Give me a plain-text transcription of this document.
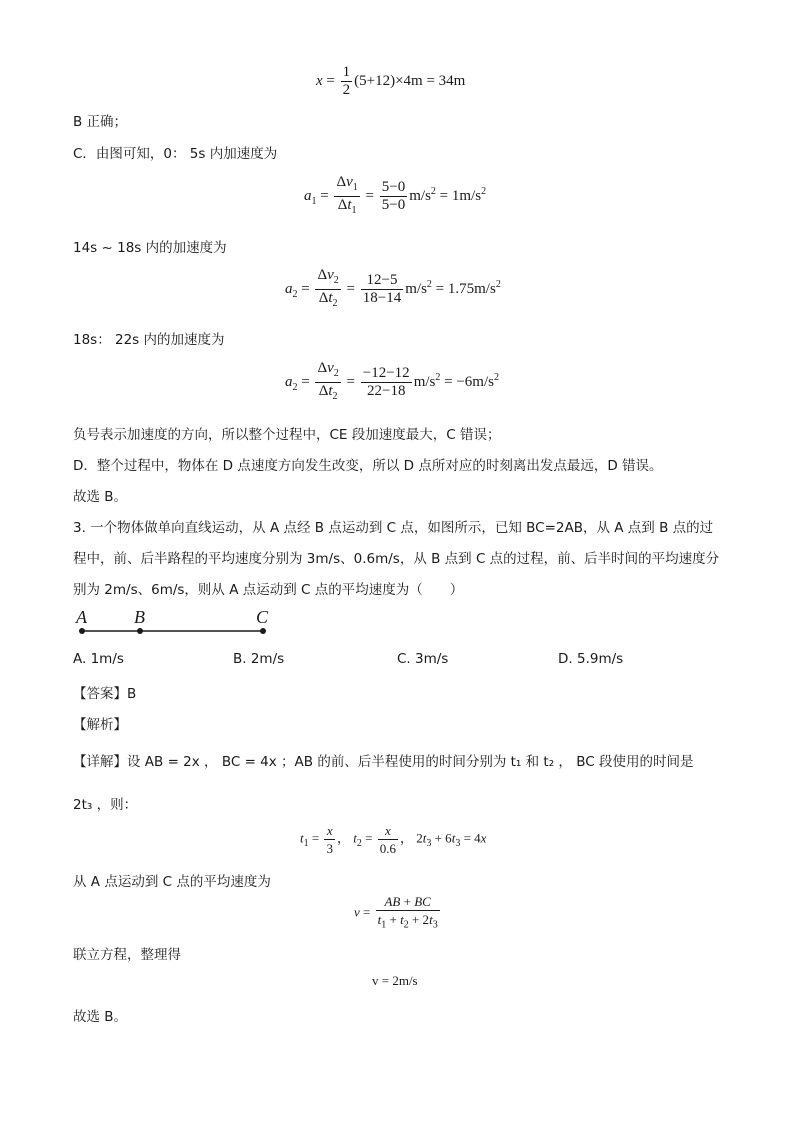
$x = \frac{1}{2} (5+12)\times 4m = 34m$
B 正确；
C．由图可知，0： 5s 内加速度为
$a_1 = \frac{\Delta v_1}{\Delta t_1} = \frac{5-0}{5-0} m/s^2 = 1m/s^2$
14s ~ 18s 内的加速度为
$a_2 = \frac{\Delta v_2}{\Delta t_2} = \frac{12-5}{18-14} m/s^2 = 1.75m/s^2$
18s： 22s 内的加速度为
$a_2 = \frac{\Delta v_2}{\Delta t_2} = \frac{-12-12}{22-18} m/s^2 = -6m/s^2$
负号表示加速度的方向，所以整个过程中，CE 段加速度最大，C 错误；
D．整个过程中，物体在 D 点速度方向发生改变，所以 D 点所对应的时刻离出发点最远，D 错误。
故选 B。
3. 一个物体做单向直线运动，从 A 点经 B 点运动到 C 点，如图所示，已知 BC=2AB，从 A 点到 B 点的过
程中，前、后半路程的平均速度分别为 3m/s、0.6m/s，从 B 点到 C 点的过程，前、后半时间的平均速度分
别为 2m/s、6m/s，则从 A 点运动到 C 点的平均速度为（　　）
A	B	C
A. 1m/s	B. 2m/s	C. 3m/s	D. 5.9m/s
【答案】B
【解析】
【详解】设 AB = 2x ， BC = 4x ；AB 的前、后半程使用的时间分别为 t₁ 和 t₂ ， BC 段使用的时间是
2t₃ ，则：
$t_1 = \frac{x}{3}$ ， $t_2 = \frac{x}{0.6}$ ， $2t_3 + 6t_3 = 4x$
从 A 点运动到 C 点的平均速度为
$v = \frac{AB + BC}{t_1 + t_2 + 2t_3}$
联立方程，整理得
v = 2m/s
故选 B。
